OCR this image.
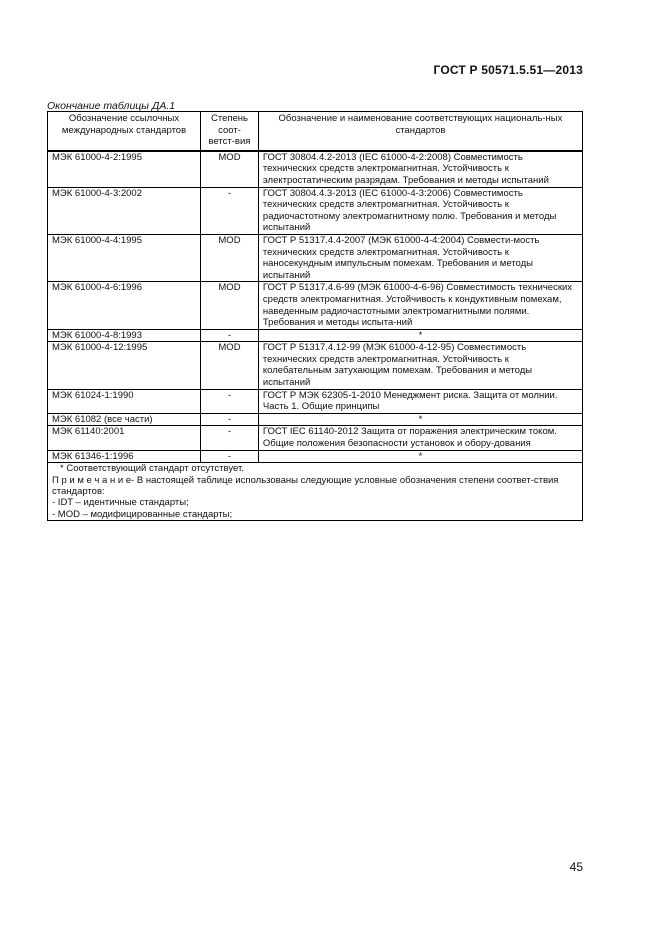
ГОСТ Р 50571.5.51—2013
Окончание таблицы ДА.1
Обозначение ссылочных международных стандартов	Степень соот-ветст-вия	Обозначение и наименование соответствующих националь-ных стандартов
МЭК 61000-4-2:1995	MOD	ГОСТ 30804.4.2-2013 (IEC 61000-4-2:2008) Совместимость технических средств электромагнитная. Устойчивость к электростатическим разрядам. Требования и методы испытаний
МЭК 61000-4-3:2002	-	ГОСТ 30804.4.3-2013 (IEC 61000-4-3:2006) Совместимость технических средств электромагнитная. Устойчивость к радиочастотному электромагнитному полю. Требования и методы испытаний
МЭК 61000-4-4:1995	MOD	ГОСТ Р 51317.4.4-2007 (МЭК 61000-4-4:2004) Совмести-мость технических средств электромагнитная. Устойчивость к наносекундным импульсным помехам. Требования и методы испытаний
МЭК 61000-4-6:1996	MOD	ГОСТ Р 51317.4.6-99 (МЭК 61000-4-6-96) Совместимость технических средств электромагнитная. Устойчивость к кондуктивным помехам, наведенным радиочастотными электромагнитными полями. Требования и методы испыта-ний
МЭК 61000-4-8:1993	-	*
МЭК 61000-4-12:1995	MOD	ГОСТ Р 51317.4.12-99 (МЭК 61000-4-12-95) Совместимость технических средств электромагнитная. Устойчивость к колебательным затухающим помехам. Требования и методы испытаний
МЭК 61024-1:1990	-	ГОСТ Р МЭК 62305-1-2010 Менеджмент риска. Защита от молнии. Часть 1. Общие принципы
МЭК 61082 (все части)	-	*
МЭК 61140:2001	-	ГОСТ IEC 61140-2012 Защита от поражения электрическим током. Общие положения безопасности установок и обору-дования
МЭК 61346-1:1996	-	*

* Соответствующий стандарт отсутствует.
П р и м е ч а н и е- В настоящей таблице использованы следующие условные обозначения степени соответ-ствия стандартов:
- IDT – идентичные стандарты;
- MOD – модифицированные стандарты;		
45
